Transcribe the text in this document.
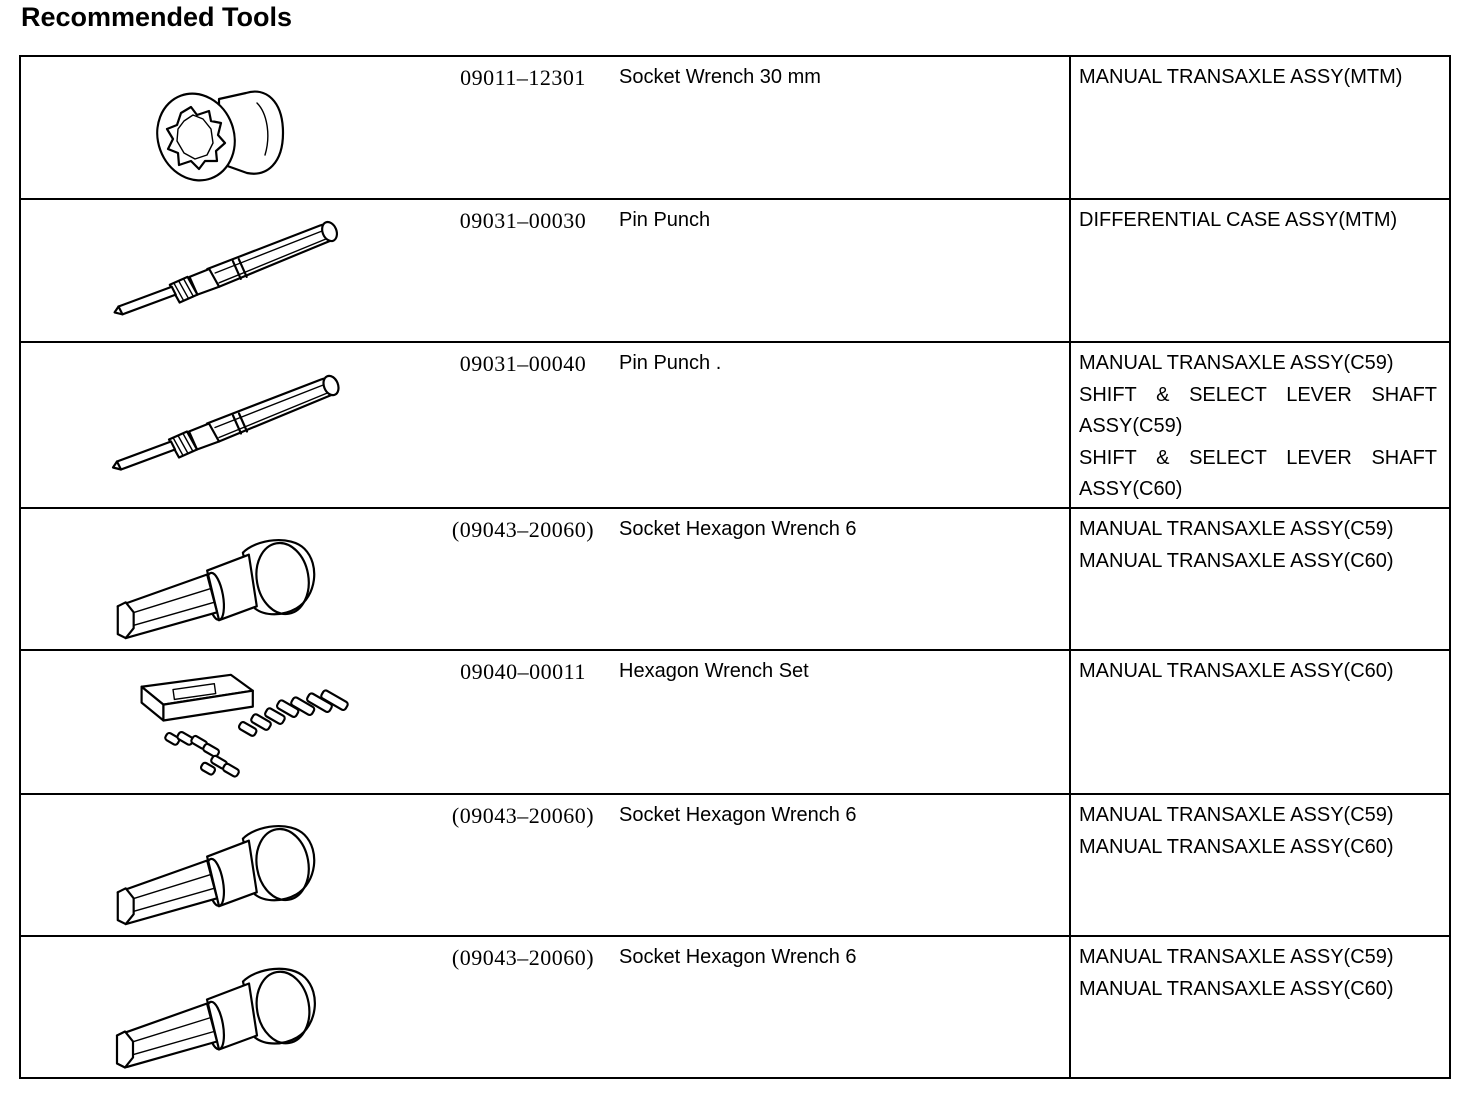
Recommended Tools
09011–12301	Socket Wrench 30 mm	MANUAL TRANSAXLE ASSY(MTM)

09031–00030	Pin Punch	DIFFERENTIAL CASE ASSY(MTM)

09031–00040	Pin Punch .	MANUAL TRANSAXLE ASSY(C59)

SHIFT & SELECT LEVER SHAFT ASSY(C59)

SHIFT & SELECT LEVER SHAFT ASSY(C60)

(09043–20060)	Socket Hexagon Wrench 6	MANUAL TRANSAXLE ASSY(C59)

MANUAL TRANSAXLE ASSY(C60)

09040–00011	Hexagon Wrench Set	MANUAL TRANSAXLE ASSY(C60)

(09043–20060)	Socket Hexagon Wrench 6	MANUAL TRANSAXLE ASSY(C59)

MANUAL TRANSAXLE ASSY(C60)

(09043–20060)	Socket Hexagon Wrench 6	MANUAL TRANSAXLE ASSY(C59)

MANUAL TRANSAXLE ASSY(C60)
